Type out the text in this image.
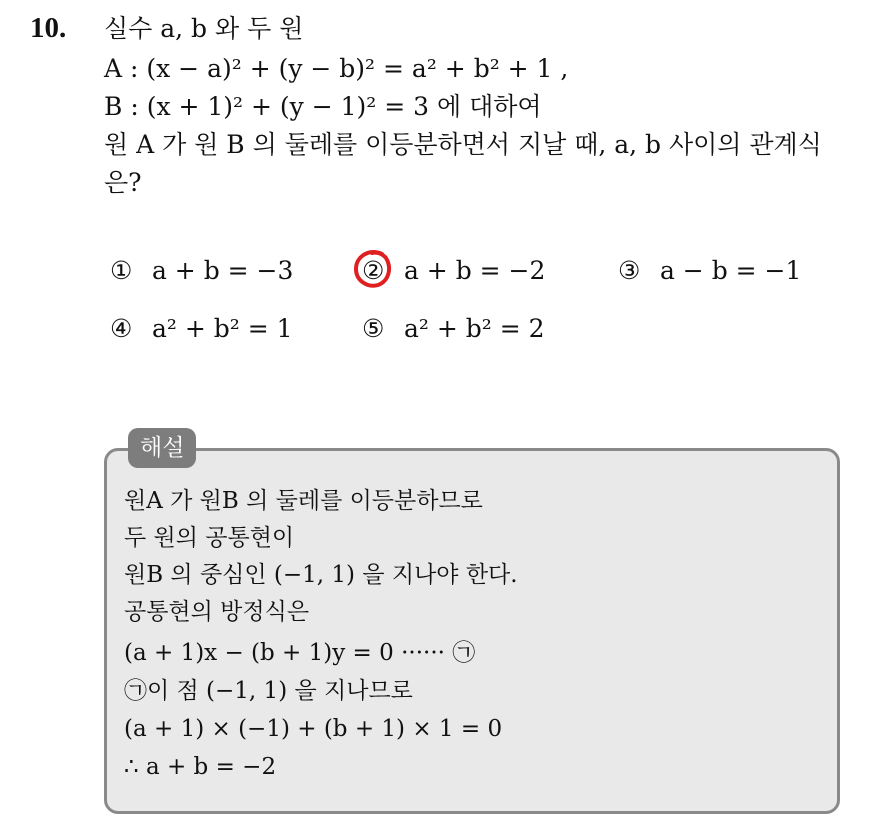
10. 실수 a, b 와 두 원
A : (x − a)² + (y − b)² = a² + b² + 1 ,
B : (x + 1)² + (y − 1)² = 3 에 대하여
원 A 가 원 B 의 둘레를 이등분하면서 지날 때, a, b 사이의 관계식
은?
① a + b = −3	② a + b = −2	③ a − b = −1
④ a² + b² = 1	⑤ a² + b² = 2
해설
원A 가 원B 의 둘레를 이등분하므로
두 원의 공통현이
원B 의 중심인 (−1, 1) 을 지나야 한다.
공통현의 방정식은
(a + 1)x − (b + 1)y = 0 ······ ㉠
㉠이 점 (−1, 1) 을 지나므로
(a + 1) × (−1) + (b + 1) × 1 = 0
∴ a + b = −2
